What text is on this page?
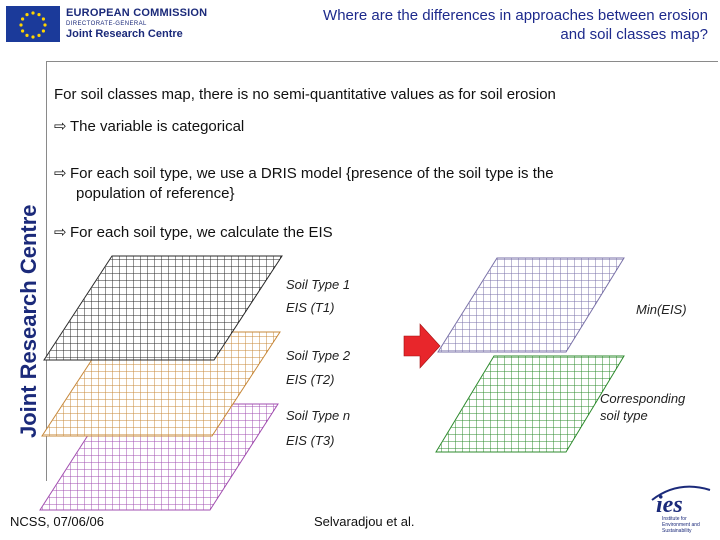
EUROPEAN COMMISSION
DIRECTORATE-GENERAL
Joint Research Centre
Where are the differences in approaches between erosion
and soil classes map?
Joint Research Centre
For soil classes map, there is no semi-quantitative values as for soil erosion
⇨ The variable is categorical
⇨ For each soil type, we use a DRIS model {presence of the soil type is the
population of reference}
⇨ For each soil type, we calculate the EIS
Soil Type 1
EIS (T1)
Soil Type 2
EIS (T2)
Soil Type n
EIS (T3)
Min(EIS)
Corresponding
soil type
NCSS, 07/06/06	Selvaradjou et al.
ies
Institute for
Environment and
Sustainability
